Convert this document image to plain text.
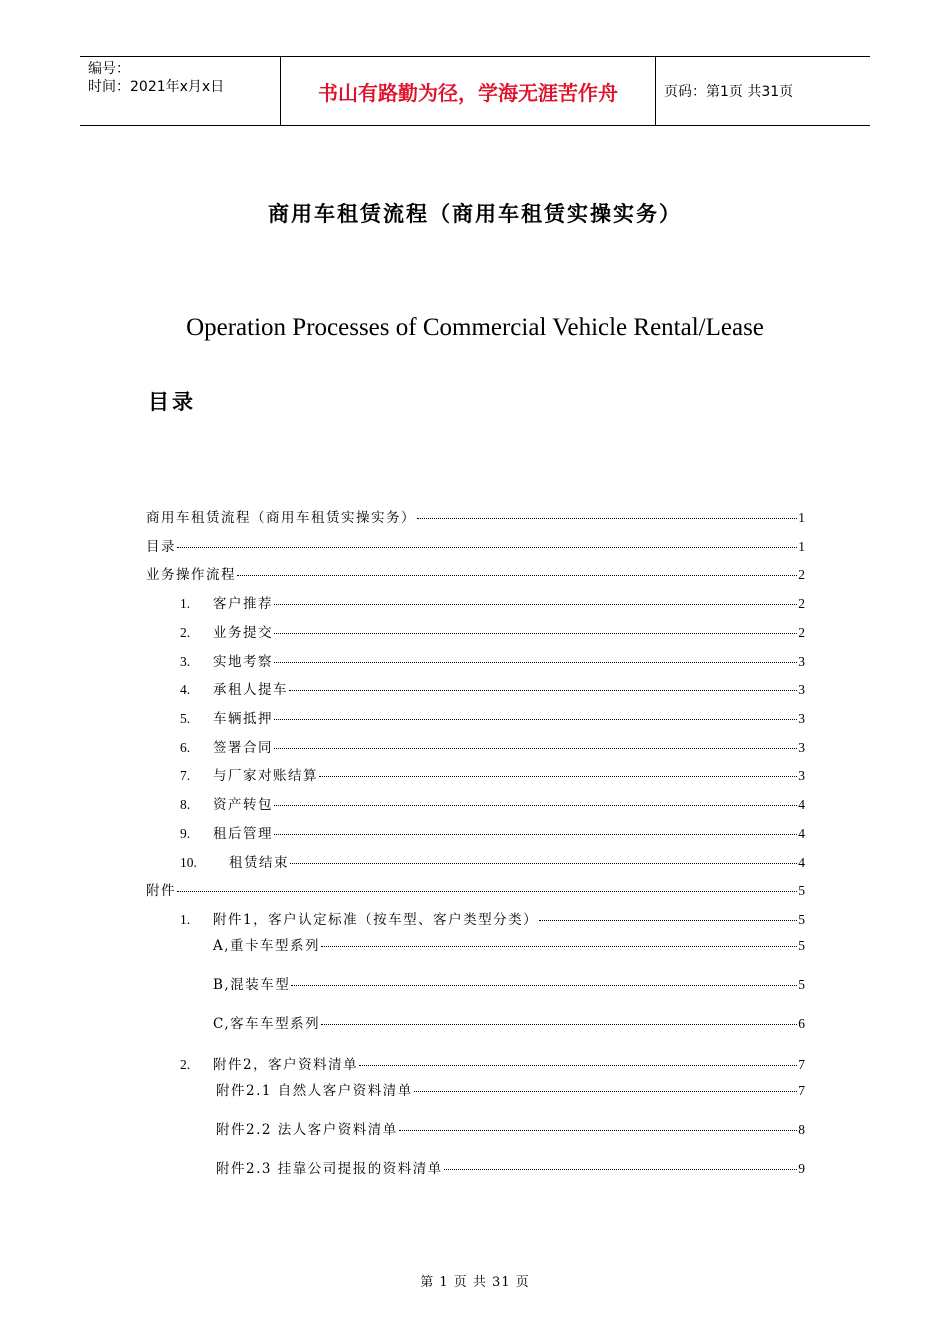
编号：
时间：2021年x月x日	书山有路勤为径，学海无涯苦作舟	页码：第1页 共31页
商用车租赁流程（商用车租赁实操实务）
Operation Processes of Commercial Vehicle Rental/Lease
目录
商用车租赁流程（商用车租赁实操实务）	1
目录	1
业务操作流程	2
1.	客户推荐	2
2.	业务提交	2
3.	实地考察	3
4.	承租人提车	3
5.	车辆抵押	3
6.	签署合同	3
7.	与厂家对账结算	3
8.	资产转包	4
9.	租后管理	4
10.	租赁结束	4
附件	5
1.	附件1，客户认定标准（按车型、客户类型分类）	5
A,重卡车型系列	5
B,混装车型	5
C,客车车型系列	6
2.	附件2，客户资料清单	7
附件2.1 自然人客户资料清单	7
附件2.2 法人客户资料清单	8
附件2.3 挂靠公司提报的资料清单	9
第 1 页 共 31 页
